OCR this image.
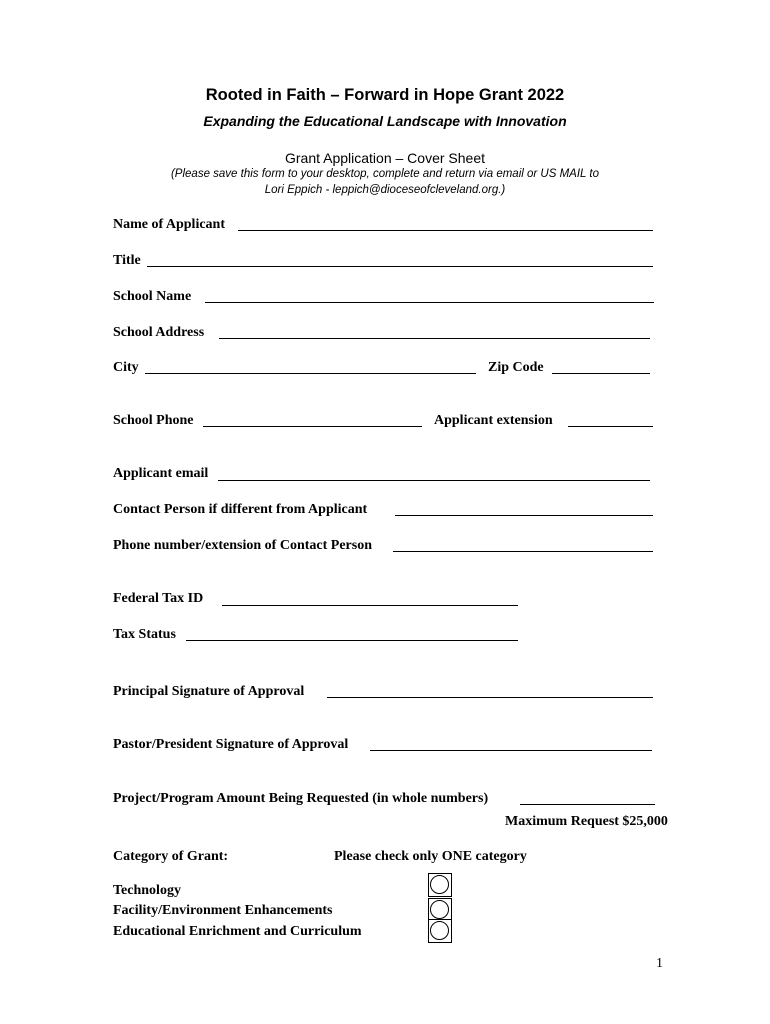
Rooted in Faith – Forward in Hope Grant 2022
Expanding the Educational Landscape with Innovation
Grant Application – Cover Sheet
(Please save this form to your desktop, complete and return via email or US MAIL to
Lori Eppich - leppich@dioceseofcleveland.org.)
Name of Applicant
Title
School Name
School Address
City	Zip Code
School Phone	Applicant extension
Applicant email
Contact Person if different from Applicant
Phone number/extension of Contact Person
Federal Tax ID
Tax Status
Principal Signature of Approval
Pastor/President Signature of Approval
Project/Program Amount Being Requested (in whole numbers)
Maximum Request $25,000
Category of Grant:	Please check only ONE category
Technology
Facility/Environment Enhancements
Educational Enrichment and Curriculum
1
